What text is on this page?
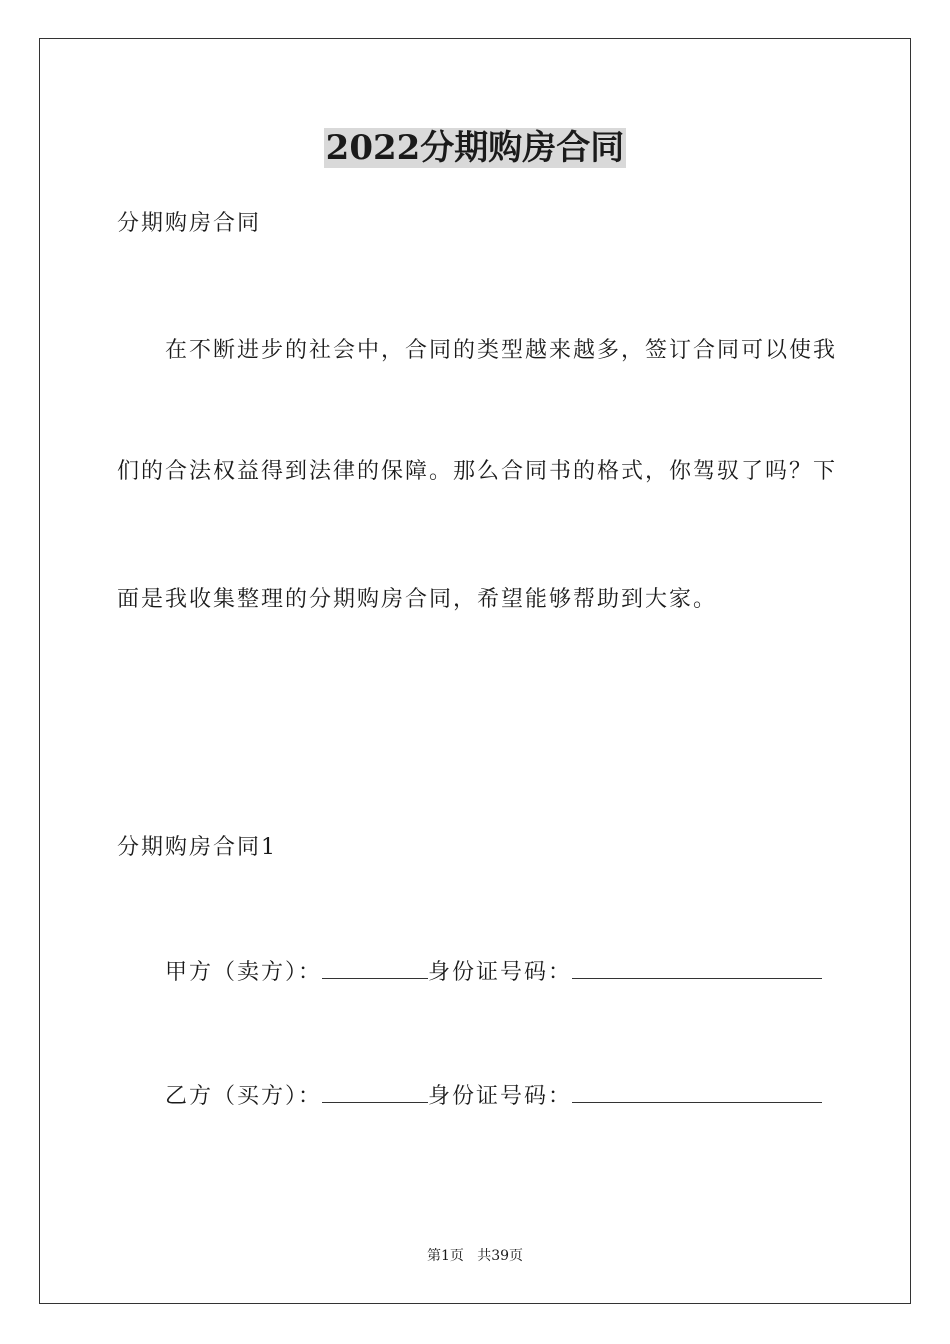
2022分期购房合同
分期购房合同
在不断进步的社会中，合同的类型越来越多，签订合同可以使我
们的合法权益得到法律的保障。那么合同书的格式，你驾驭了吗？下
面是我收集整理的分期购房合同，希望能够帮助到大家。
分期购房合同1
甲方（卖方）：	身份证号码：
乙方（买方）：	身份证号码：
第1页   共39页
